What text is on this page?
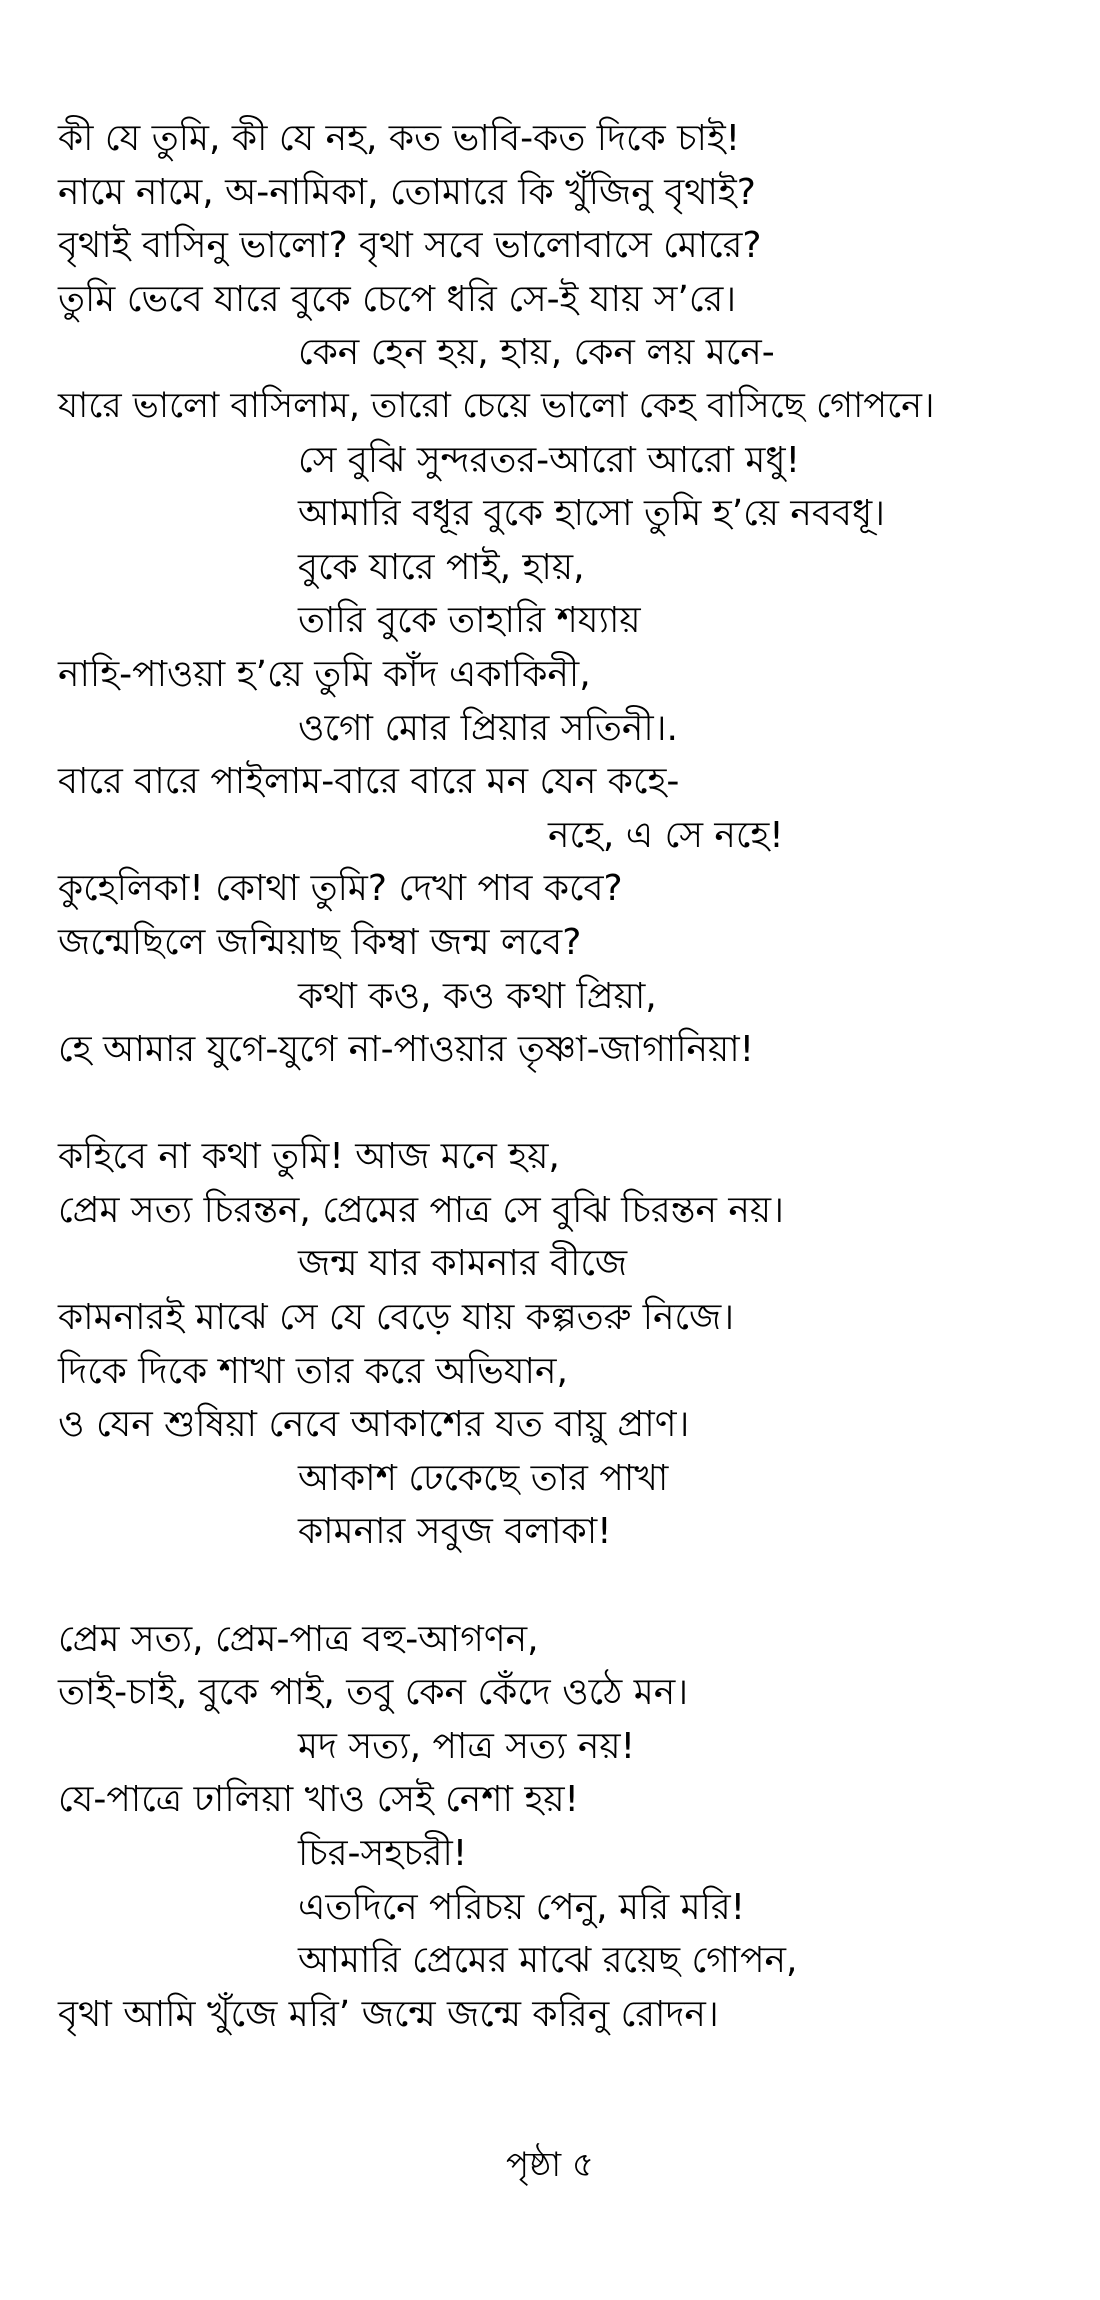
কী যে তুমি, কী যে নহ, কত ভাবি-কত দিকে চাই!
নামে নামে, অ-নামিকা, তোমারে কি খুঁজিনু বৃথাই?
বৃথাই বাসিনু ভালো? বৃথা সবে ভালোবাসে মোরে?
তুমি ভেবে যারে বুকে চেপে ধরি সে-ই যায় স’রে।
কেন হেন হয়, হায়, কেন লয় মনে-
যারে ভালো বাসিলাম, তারো চেয়ে ভালো কেহ বাসিছে গোপনে।
সে বুঝি সুন্দরতর-আরো আরো মধু!
আমারি বধূর বুকে হাসো তুমি হ’য়ে নববধূ।
বুকে যারে পাই, হায়,
তারি বুকে তাহারি শয্যায়
নাহি-পাওয়া হ’য়ে তুমি কাঁদ একাকিনী,
ওগো মোর প্রিয়ার সতিনী।.
বারে বারে পাইলাম-বারে বারে মন যেন কহে-
নহে, এ সে নহে!
কুহেলিকা! কোথা তুমি? দেখা পাব কবে?
জন্মেছিলে জন্মিয়াছ কিম্বা জন্ম লবে?
কথা কও, কও কথা প্রিয়া,
হে আমার যুগে-যুগে না-পাওয়ার তৃষ্ণা-জাগানিয়া!
কহিবে না কথা তুমি! আজ মনে হয়,
প্রেম সত্য চিরন্তন, প্রেমের পাত্র সে বুঝি চিরন্তন নয়।
জন্ম যার কামনার বীজে
কামনারই মাঝে সে যে বেড়ে যায় কল্পতরু নিজে।
দিকে দিকে শাখা তার করে অভিযান,
ও যেন শুষিয়া নেবে আকাশের যত বায়ু প্রাণ।
আকাশ ঢেকেছে তার পাখা
কামনার সবুজ বলাকা!
প্রেম সত্য, প্রেম-পাত্র বহু-আগণন,
তাই-চাই, বুকে পাই, তবু কেন কেঁদে ওঠে মন।
মদ সত্য, পাত্র সত্য নয়!
যে-পাত্রে ঢালিয়া খাও সেই নেশা হয়!
চির-সহচরী!
এতদিনে পরিচয় পেনু, মরি মরি!
আমারি প্রেমের মাঝে রয়েছ গোপন,
বৃথা আমি খুঁজে মরি’ জন্মে জন্মে করিনু রোদন।
পৃষ্ঠা ৫
